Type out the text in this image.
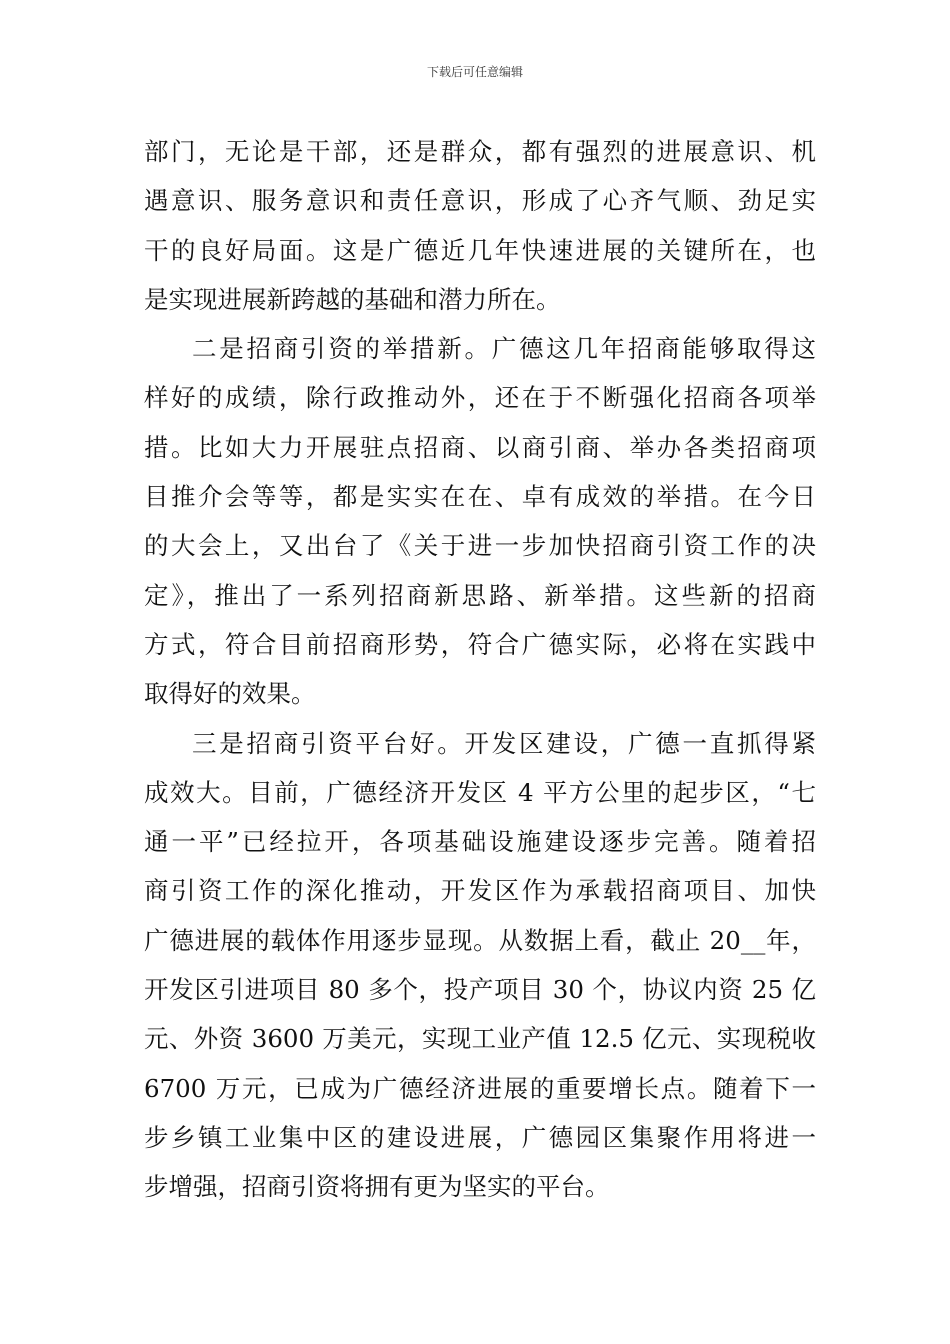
下载后可任意编辑
部门，无论是干部，还是群众，都有强烈的进展意识、机
遇意识、服务意识和责任意识，形成了心齐气顺、劲足实
干的良好局面。这是广德近几年快速进展的关键所在，也
是实现进展新跨越的基础和潜力所在。
二是招商引资的举措新。广德这几年招商能够取得这
样好的成绩，除行政推动外，还在于不断强化招商各项举
措。比如大力开展驻点招商、以商引商、举办各类招商项
目推介会等等，都是实实在在、卓有成效的举措。在今日
的大会上，又出台了《关于进一步加快招商引资工作的决
定》，推出了一系列招商新思路、新举措。这些新的招商
方式，符合目前招商形势，符合广德实际，必将在实践中
取得好的效果。
三是招商引资平台好。开发区建设，广德一直抓得紧
成效大。目前，广德经济开发区 4 平方公里的起步区，“七
通一平”已经拉开，各项基础设施建设逐步完善。随着招
商引资工作的深化推动，开发区作为承载招商项目、加快
广德进展的载体作用逐步显现。从数据上看，截止 20__年，
开发区引进项目 80 多个，投产项目 30 个，协议内资 25 亿
元、外资 3600 万美元，实现工业产值 12.5 亿元、实现税收
6700 万元，已成为广德经济进展的重要增长点。随着下一
步乡镇工业集中区的建设进展，广德园区集聚作用将进一
步增强，招商引资将拥有更为坚实的平台。
